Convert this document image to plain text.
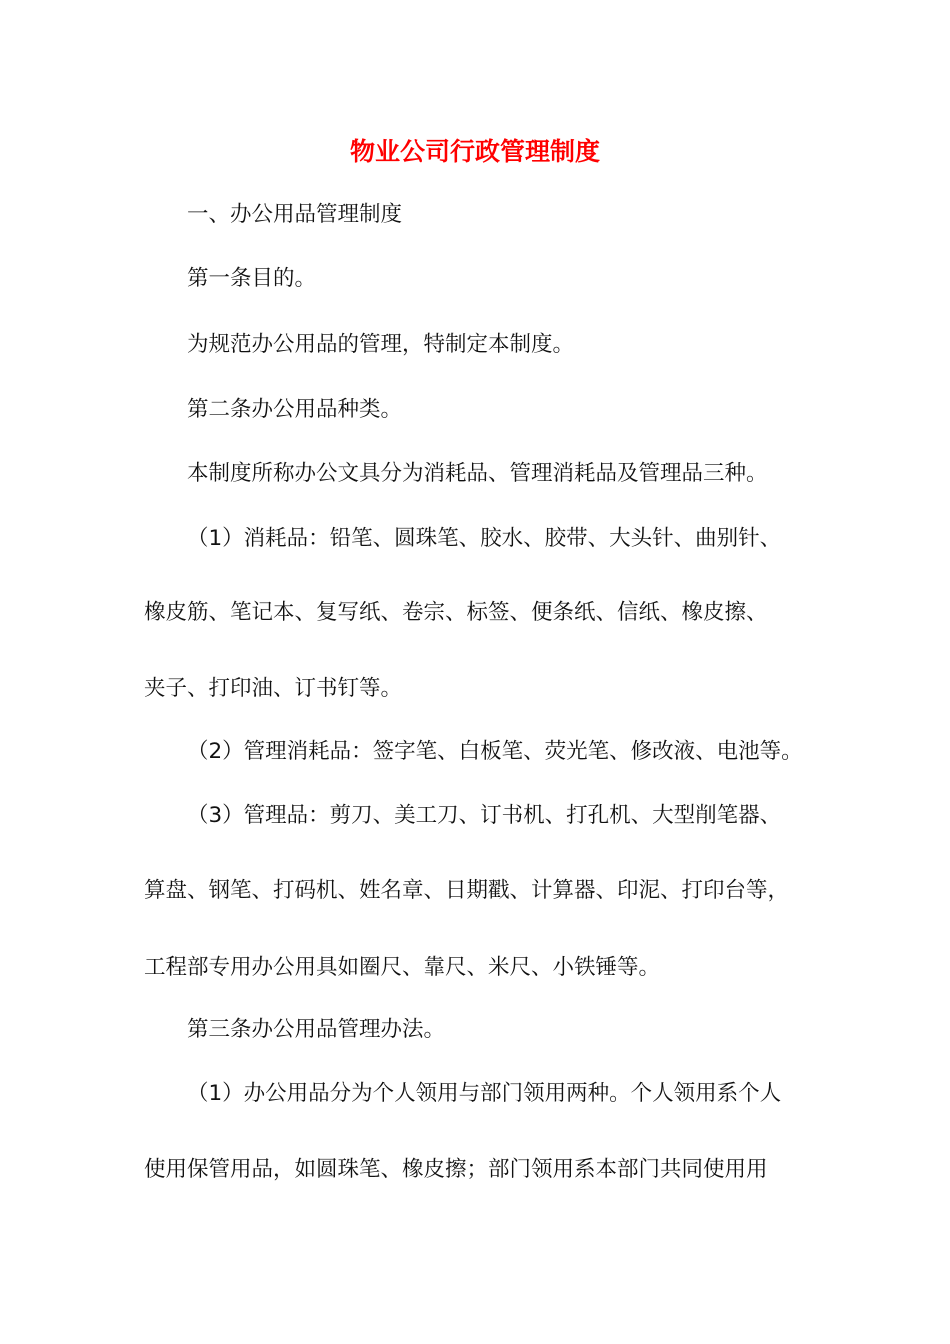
物业公司行政管理制度
一、办公用品管理制度
第一条目的。
为规范办公用品的管理，特制定本制度。
第二条办公用品种类。
本制度所称办公文具分为消耗品、管理消耗品及管理品三种。
（1）消耗品：铅笔、圆珠笔、胶水、胶带、大头针、曲别针、
橡皮筋、笔记本、复写纸、卷宗、标签、便条纸、信纸、橡皮擦、
夹子、打印油、订书钉等。
（2）管理消耗品：签字笔、白板笔、荧光笔、修改液、电池等。
（3）管理品：剪刀、美工刀、订书机、打孔机、大型削笔器、
算盘、钢笔、打码机、姓名章、日期戳、计算器、印泥、打印台等，
工程部专用办公用具如圈尺、靠尺、米尺、小铁锤等。
第三条办公用品管理办法。
（1）办公用品分为个人领用与部门领用两种。个人领用系个人
使用保管用品，如圆珠笔、橡皮擦；部门领用系本部门共同使用用
